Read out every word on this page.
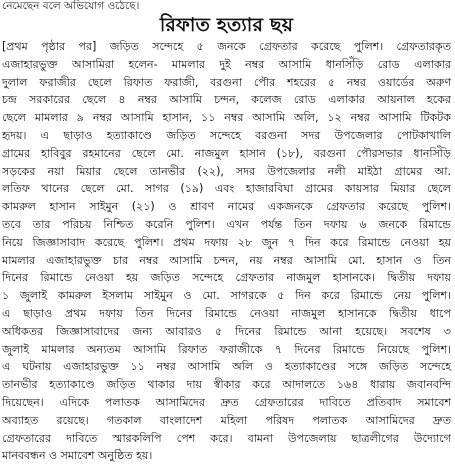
নেমেছেন বলে অভিযোগ ওঠেছে।
রিফাত হত্যার ছয়
[প্রথম পৃষ্ঠার পর] জড়িত সন্দেহে ৫ জনকে গ্রেফতার করেছে পুলিশ। গ্রেফতারকৃত
এজাহারভুক্ত আসামিরা হলেন- মামলার দুই নম্বর আসামি ধানসিঁড়ি রোড এলাকার
দুলাল ফরাজীর ছেলে রিফাত ফরাজী, বরগুনা পৌর শহরের ৫ নম্বর ওয়ার্ডের অরুণ
চন্দ্র সরকারের ছেলে ৪ নম্বর আসামি চন্দন, কলেজ রোড এলাকার আয়নাল হকের
ছেলে মামলার ৯ নম্বর আসামি হাসান, ১১ নম্বর আসামি অলি, ১২ নম্বর আসামি টিকটক
হৃদয়। এ ছাড়াও হত্যাকাণ্ডে জড়িত সন্দেহে বরগুনা সদর উপজেলার পোটকাখালি
গ্রামের হাবিবুর রহমানের ছেলে মো. নাজমুল হাসান (১৮), বরগুনা পৌরসভার ধানসিঁড়ি
সড়কের নয়া মিয়ার ছেলে তানভীর (২২), সদর উপজেলার নলী মাইঠা গ্রামের আ.
লতিফ খানের ছেলে মো. সাগর (১৯) এবং হাজারবিঘা গ্রামের কায়সার মিয়ার ছেলে
কামরুল হাসান সাইমুন (২১) ও শ্রাবণ নামের একজনকে গ্রেফতার করেছে পুলিশ।
তবে তার পরিচয় নিশ্চিত করেনি পুলিশ। এখন পর্যন্ত তিন দফায় ৬ জনকে রিমান্ডে
নিয়ে জিজ্ঞাসাবাদ করেছে পুলিশ। প্রথম দফায় ২৮ জুন ৭ দিন করে রিমান্ডে নেওয়া হয়
মামলার এজাহারভুক্ত চার নম্বর আসামি চন্দন, নয় নম্বর আসামি মো. হাসান ও তিন
দিনের রিমান্ডে নেওয়া হয় জড়িত সন্দেহে গ্রেফতার নাজমুল হাসানকে। দ্বিতীয় দফায়
১ জুলাই কামরুল ইসলাম সাইমুন ও মো. সাগরকে ৫ দিন করে রিমান্ডে নেয় পুলিশ।
এ ছাড়াও প্রথম দফায় তিন দিনের রিমান্ডে নেওয়া নাজমুল হাসানকে দ্বিতীয় ধাপে
অধিকতর জিজ্ঞাসাবাদের জন্য আবারও ৫ দিনের রিমান্ডে আনা হয়েছে। সবশেষ ৩
জুলাই মামলার অন্যতম আসামি রিফাত ফরাজীকে ৭ দিনের রিমান্ডে নিয়েছে পুলিশ।
এ ঘটনায় এজাহারভুক্ত ১১ নম্বর আসামি অলি ও হত্যাকাণ্ডের সঙ্গে জড়িত সন্দেহে
তানভীর হত্যাকাণ্ডে জড়িত থাকার দায় স্বীকার করে আদালতে ১৬৪ ধারায় জবানবন্দি
দিয়েছেন। এদিকে পলাতক আসামিদের দ্রুত গ্রেফতারের দাবিতে প্রতিবাদ সমাবেশ
অব্যাহত রয়েছে। গতকাল বাংলাদেশ মহিলা পরিষদ পলাতক আসামিদের দ্রুত
গ্রেফতারের দাবিতে স্মারকলিপি পেশ করে। বামনা উপজেলায় ছাত্রলীগের উদ্যোগে
মানববন্ধন ও সমাবেশ অনুষ্ঠিত হয়।
